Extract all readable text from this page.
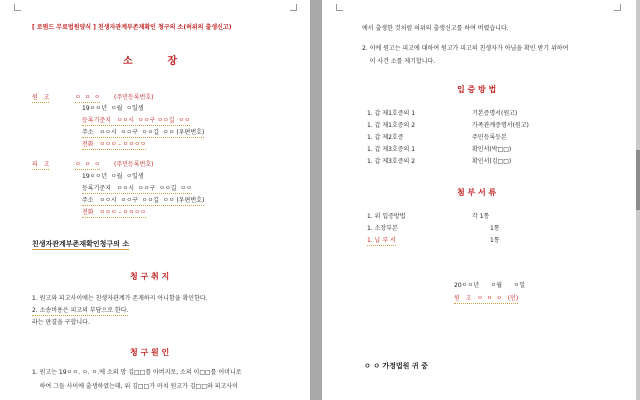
[ 로펌드 무료법원양식 ] 친생자관계부존재확인 청구의 소(허위의 출생신고)
소          장
원   고	ㅇ  ㅇ  ㅇ (주민등록번호)
19ㅇㅇ년  ㅇ월  ㅇ일생
등록기준지   ㅇㅇ시  ㅇㅇ구 ㅇㅇ길  ㅇㅇ
주소   ㅇㅇ시  ㅇㅇ구  ㅇㅇ길  ㅇㅇ (우편번호)
전화   ㅇㅇㅇ - ㅇㅇㅇㅇ
피   고	ㅇ  ㅇ  ㅇ (주민등록번호)
19ㅇㅇ년  ㅇ월  ㅇ일생
등록기준지   ㅇㅇ시  ㅇㅇ구  ㅇㅇ길  ㅇㅇ
주소   ㅇㅇ시  ㅇㅇ구  ㅇㅇ길  ㅇㅇ (우편번호)
전화   ㅇㅇㅇ - ㅇㅇㅇㅇ
친생자관계부존재확인청구의 소
청 구 취 지
1. 원고와 피고사이에는 친생자관계가 존재하지 아니함을 확인한다.
2. 소송비용은 피고의 부담으로 한다.
라는 판결을 구합니다.
청 구 원 인
1. 원고는 19ㅇㅇ. ㅇ. ㅇ.에 소외 망 김□□를 아버지로, 소외 이□□를 어머니로
하여 그들 사이에 출생하였는데, 위 김□□가 마치 원고가 김□□와 피고사이
에서 출생한 것처럼 허위의 출생신고를 하여 버렸습니다.
2. 이에 원고는 피고에 대하여 원고가 피고의 친생자가 아님을 확인 받기 위하여
이 사건 소를 제기합니다.
입 증 방 법
1. 갑 제1호증의 1	기본증명서(원고)
1. 갑 제1호증의 2	가족관계증명서(원고)
1. 갑 제2호증	주민등록등본
1. 갑 제3호증의 1	확인서(박□□)
1. 갑 제3호증의 2	확인서(김□□)
첨 부 서 류
1. 위 입증방법	각 1통
1. 소장부본	1통
1. 납 부 서	1통
20ㅇㅇ년      ㅇ월      ㅇ일
원   고   ㅇ  ㅇ  ㅇ   (인)
ㅇ ㅇ 가정법원 귀 중
